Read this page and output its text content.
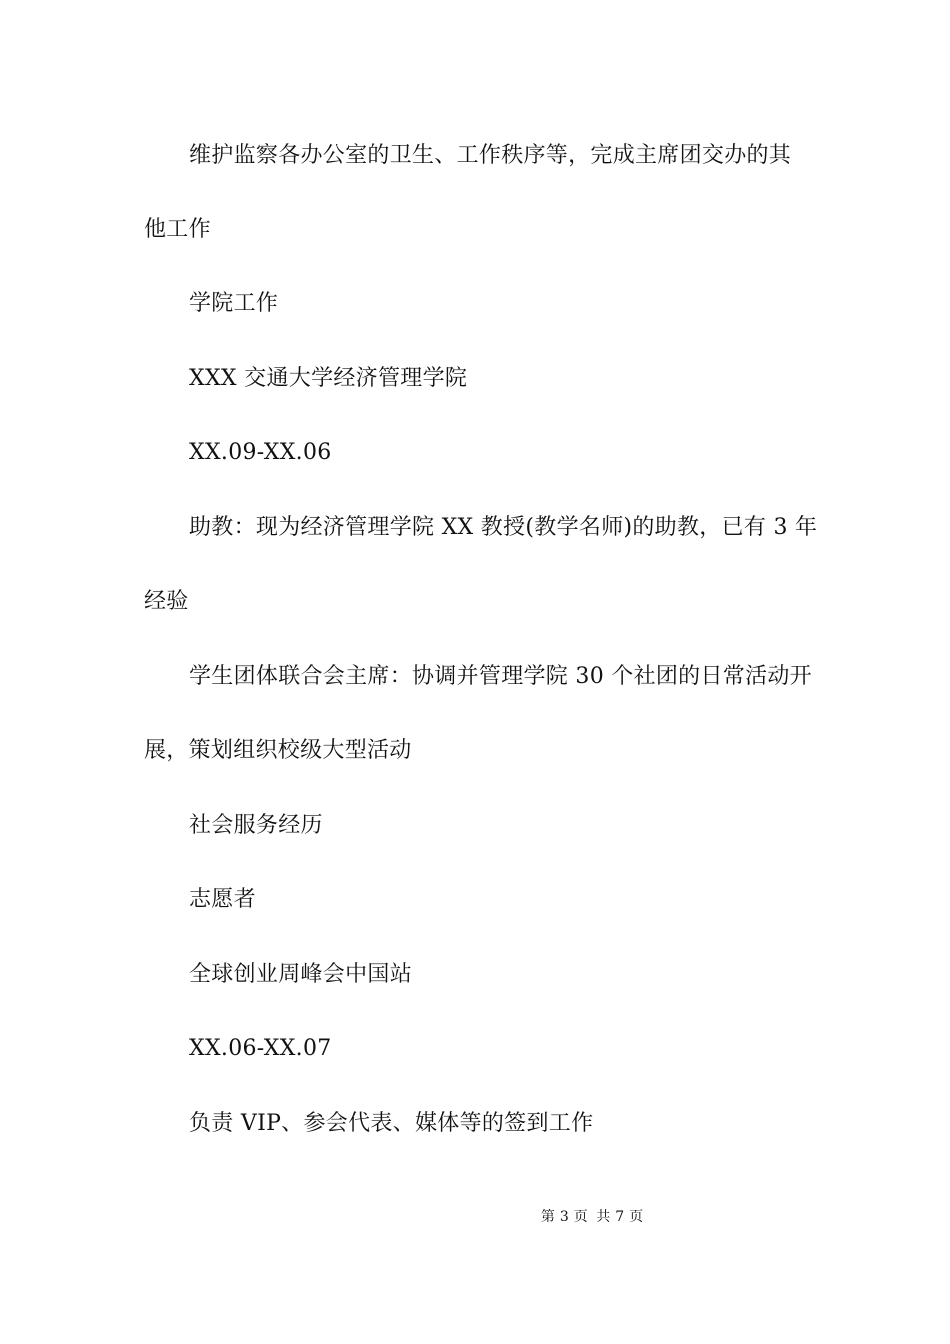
维护监察各办公室的卫生、工作秩序等，完成主席团交办的其
他工作
学院工作
XXX 交通大学经济管理学院
XX.09-XX.06
助教：现为经济管理学院 XX 教授(教学名师)的助教，已有 3 年
经验
学生团体联合会主席：协调并管理学院 30 个社团的日常活动开
展，策划组织校级大型活动
社会服务经历
志愿者
全球创业周峰会中国站
XX.06-XX.07
负责 VIP、参会代表、媒体等的签到工作
第 3 页 共 7 页
